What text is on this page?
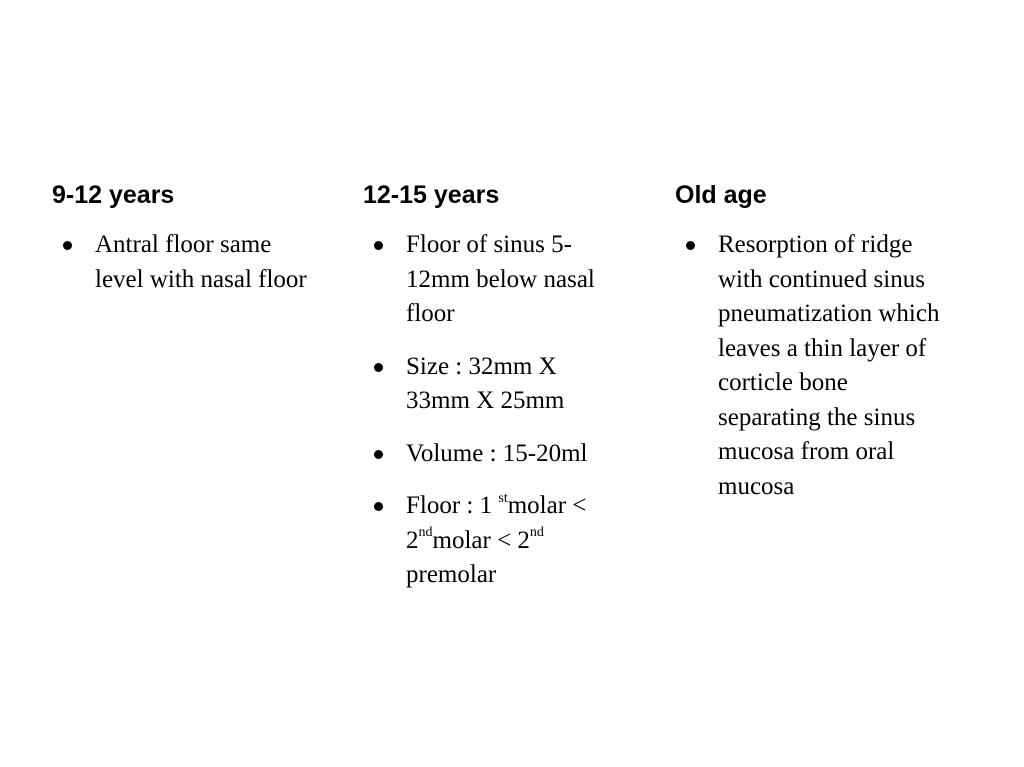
9-12 years
Antral floor same level with nasal floor
12-15 years
Floor of sinus 5-12mm below nasal floor
Size : 32mm X 33mm X 25mm
Volume : 15-20ml
Floor : 1 $^{st}$molar < 2ndmolar < 2nd premolar
Old age
Resorption of ridge with continued sinus pneumatization which leaves a thin layer of corticle bone separating the sinus mucosa from oral mucosa
